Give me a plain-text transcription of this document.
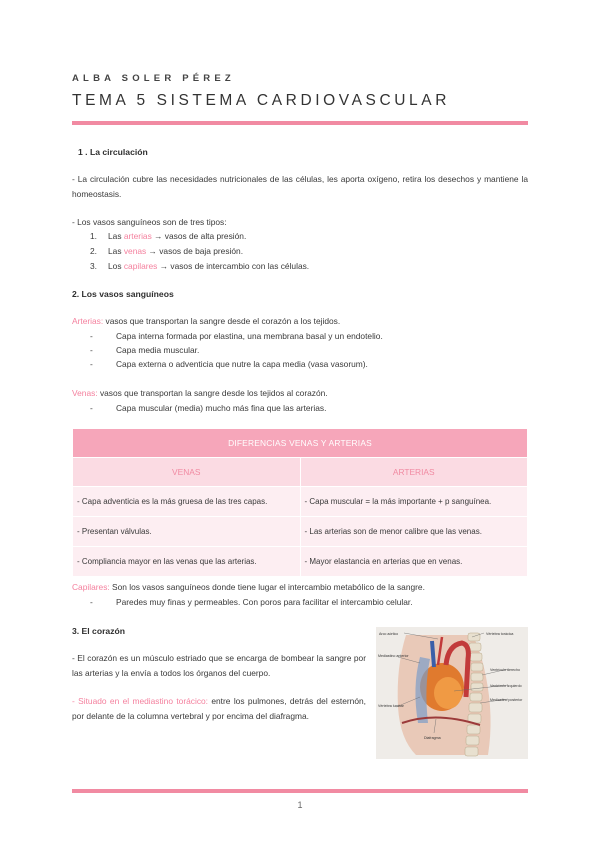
ALBA SOLER PÉREZ
TEMA 5 SISTEMA CARDIOVASCULAR
1 . La circulación
- La circulación cubre las necesidades nutricionales de las células, les aporta oxígeno, retira los desechos y mantiene la homeostasis.
- Los vasos sanguíneos son de tres tipos:
1. Las arterias → vasos de alta presión.
2. Las venas → vasos de baja presión.
3. Los capilares → vasos de intercambio con las células.
2. Los vasos sanguíneos
Arterias: vasos que transportan la sangre desde el corazón a los tejidos.
-	Capa interna formada por elastina, una membrana basal y un endotelio.
-	Capa media muscular.
-	Capa externa o adventicia que nutre la capa media (vasa vasorum).
Venas: vasos que transportan la sangre desde los tejidos al corazón.
-	Capa muscular (media) mucho más fina que las arterias.
DIFERENCIAS VENAS Y ARTERIAS	
VENAS	ARTERIAS
- Capa adventicia es la más gruesa de las tres capas.	- Capa muscular = la más importante + p sanguínea.
- Presentan válvulas.	- Las arterias son de menor calibre que las venas.
- Compliancia mayor en las venas que las arterias.	- Mayor elastancia en arterias que en venas.
Capilares: Son los vasos sanguíneos donde tiene lugar el intercambio metabólico de la sangre.
-	Paredes muy finas y permeables. Con poros para facilitar el intercambio celular.
3. El corazón
- El corazón es un músculo estriado que se encarga de bombear la sangre por las arterias y la envía a todos los órganos del cuerpo.
- Situado en el mediastino torácico: entre los pulmones, detrás del esternón, por delante de la columna vertebral y por encima del diafragma.
Arco aórtico	Vértebra torácica
Mediastino anterior
Ventrículo derecho
Ventrículo izquierdo
Mediastino posterior
Vértebra lumbar
Diafragma
1
